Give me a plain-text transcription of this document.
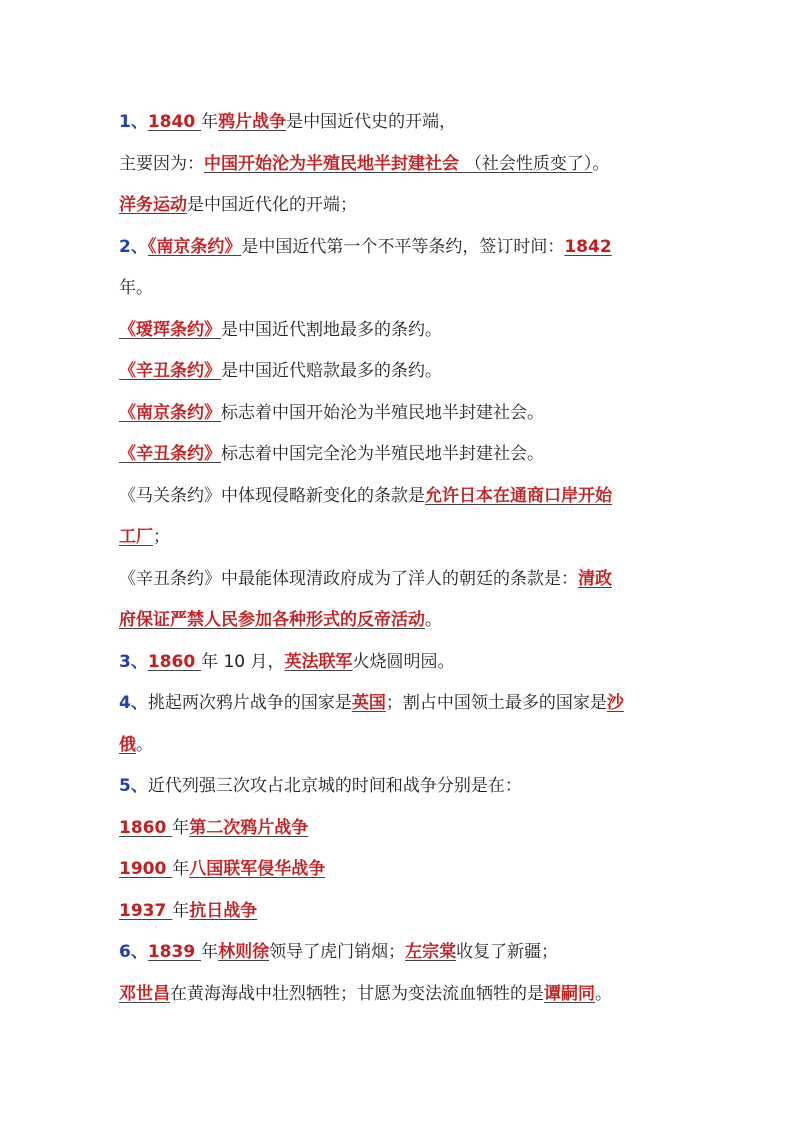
1、1840 年鸦片战争是中国近代史的开端，
主要因为：中国开始沦为半殖民地半封建社会 （社会性质变了）。
洋务运动是中国近代化的开端；
2、《南京条约》是中国近代第一个不平等条约，签订时间：1842
年。
《瑷珲条约》是中国近代割地最多的条约。
《辛丑条约》是中国近代赔款最多的条约。
《南京条约》标志着中国开始沦为半殖民地半封建社会。
《辛丑条约》标志着中国完全沦为半殖民地半封建社会。
《马关条约》中体现侵略新变化的条款是允许日本在通商口岸开始
工厂；
《辛丑条约》中最能体现清政府成为了洋人的朝廷的条款是：清政
府保证严禁人民参加各种形式的反帝活动。
3、1860 年 10 月，英法联军火烧圆明园。
4、挑起两次鸦片战争的国家是英国；割占中国领土最多的国家是沙
俄。
5、近代列强三次攻占北京城的时间和战争分别是在：
1860 年第二次鸦片战争
1900 年八国联军侵华战争
1937 年抗日战争
6、1839 年林则徐领导了虎门销烟；左宗棠收复了新疆；
邓世昌在黄海海战中壮烈牺牲；甘愿为变法流血牺牲的是谭嗣同。
